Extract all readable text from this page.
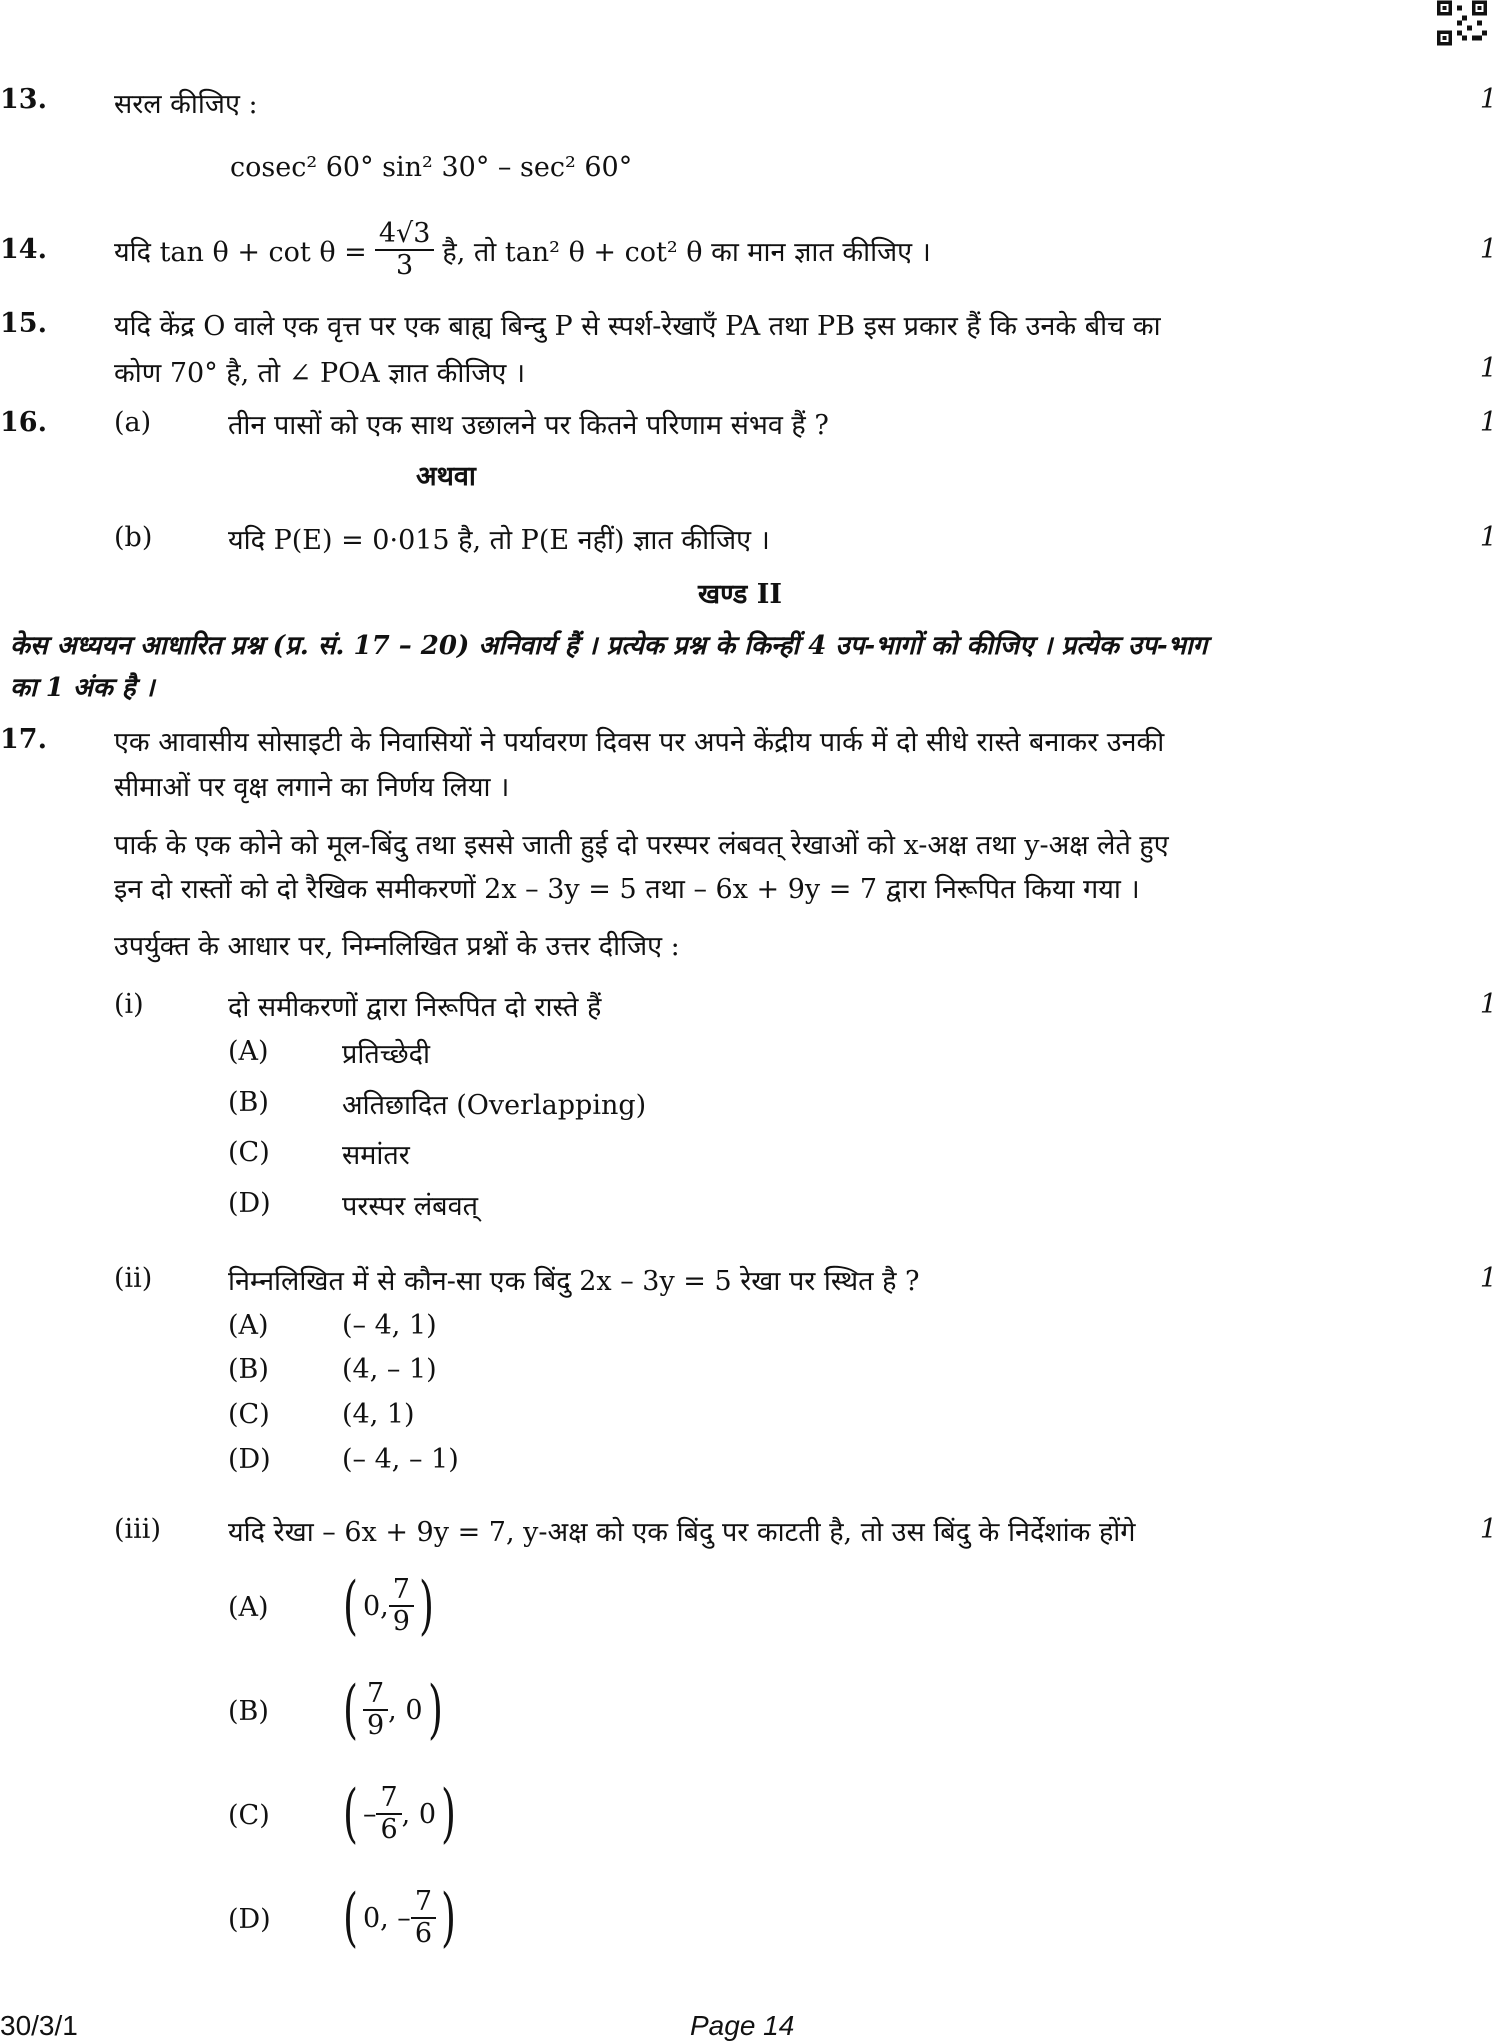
13. सरल कीजिए :	1
cosec² 60° sin² 30° – sec² 60°
14. यदि $\tan \theta + \cot \theta = \frac{4√3}{3}$ है, तो tan² θ + cot² θ का मान ज्ञात कीजिए ।	1
15. यदि केंद्र O वाले एक वृत्त पर एक बाह्य बिन्दु P से स्पर्श-रेखाएँ PA तथा PB इस प्रकार हैं कि उनके बीच का
कोण 70° है, तो ∠ POA ज्ञात कीजिए ।	1
16. (a)	तीन पासों को एक साथ उछालने पर कितने परिणाम संभव हैं ?	1
अथवा
(b)	यदि P(E) = 0·015 है, तो P(E नहीं) ज्ञात कीजिए ।	1
खण्ड II
केस अध्ययन आधारित प्रश्न (प्र. सं. 17 – 20) अनिवार्य हैं । प्रत्येक प्रश्न के किन्हीं 4 उप-भागों को कीजिए । प्रत्येक उप-भाग
का 1 अंक है ।
17. एक आवासीय सोसाइटी के निवासियों ने पर्यावरण दिवस पर अपने केंद्रीय पार्क में दो सीधे रास्ते बनाकर उनकी
सीमाओं पर वृक्ष लगाने का निर्णय लिया ।
पार्क के एक कोने को मूल-बिंदु तथा इससे जाती हुई दो परस्पर लंबवत् रेखाओं को x-अक्ष तथा y-अक्ष लेते हुए
इन दो रास्तों को दो रैखिक समीकरणों 2x – 3y = 5 तथा – 6x + 9y = 7 द्वारा निरूपित किया गया ।
उपर्युक्त के आधार पर, निम्नलिखित प्रश्नों के उत्तर दीजिए :
(i)	दो समीकरणों द्वारा निरूपित दो रास्ते हैं	1
(A)	प्रतिच्छेदी
(B)	अतिछादित (Overlapping)
(C)	समांतर
(D)	परस्पर लंबवत्
(ii)	निम्नलिखित में से कौन-सा एक बिंदु 2x – 3y = 5 रेखा पर स्थित है ?	1
(A)	(– 4, 1)
(B)	(4, – 1)
(C)	(4, 1)
(D)	(– 4, – 1)
(iii) यदि रेखा – 6x + 9y = 7, y-अक्ष को एक बिंदु पर काटती है, तो उस बिंदु के निर्देशांक होंगे	1
(A) ( 0, $\frac{7}{9}$ )
(B) ( $\frac{7}{9}$ , 0 )
(C) ( – $\frac{7}{6}$ , 0 )
(D) ( 0, – $\frac{7}{6}$ )
30/3/1	Page 14
